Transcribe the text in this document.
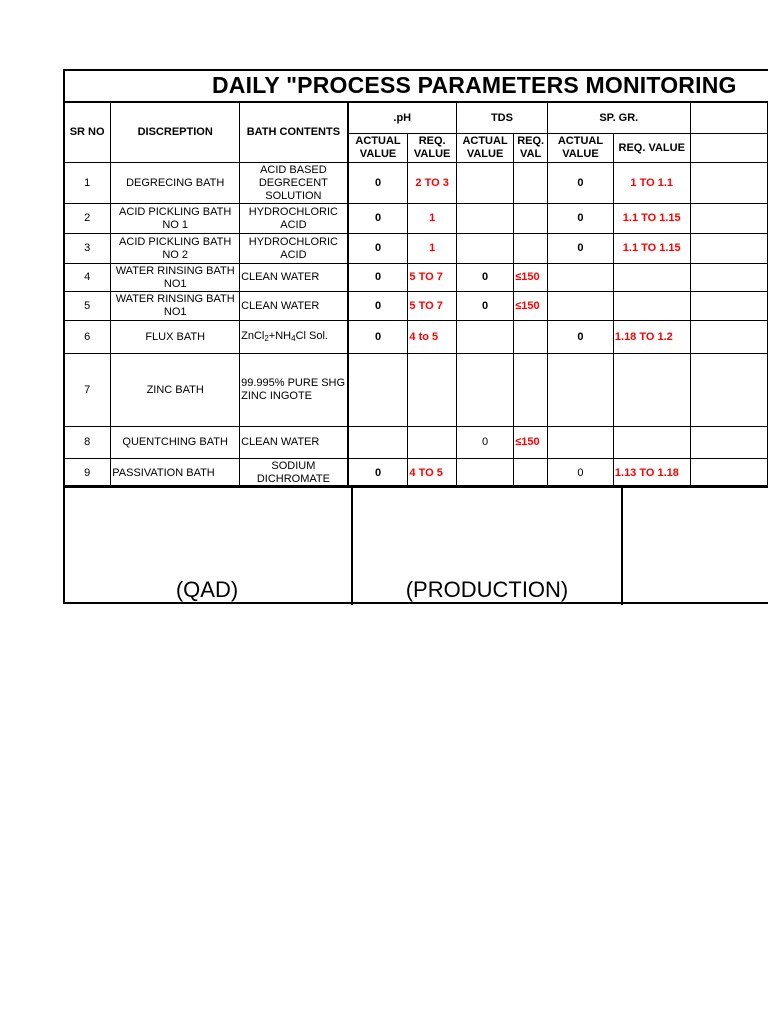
DAILY "PROCESS PARAMETERS MONITORING
SR NO	DISCREPTION	BATH CONTENTS	.pH		TDS		SP. GR.		
			ACTUAL VALUE	REQ. VALUE	ACTUAL VALUE	REQ. VAL	ACTUAL VALUE	REQ. VALUE	
1	DEGRECING BATH	ACID BASED DEGRECENT SOLUTION	0	2 TO 3			0	1 TO 1.1	
2	ACID PICKLING BATH NO 1	HYDROCHLORIC ACID	0	1			0	1.1 TO 1.15	
3	ACID PICKLING BATH NO 2	HYDROCHLORIC ACID	0	1			0	1.1 TO 1.15	
4	WATER RINSING BATH NO1	CLEAN WATER	0	5 TO 7	0	≤150			
5	WATER RINSING BATH NO1	CLEAN WATER	0	5 TO 7	0	≤150			
6	FLUX BATH	$ZnCl_2+NH_4Cl$ Sol.	0	4 to 5			0	1.18 TO 1.2	
7	ZINC BATH	99.995% PURE SHG ZINC INGOTE							
8	QUENTCHING BATH	CLEAN WATER			0	≤150			
9	PASSIVATION BATH	SODIUM DICHROMATE	0	4 TO 5			0	1.13 TO 1.18	
(QAD)	(PRODUCTION)
